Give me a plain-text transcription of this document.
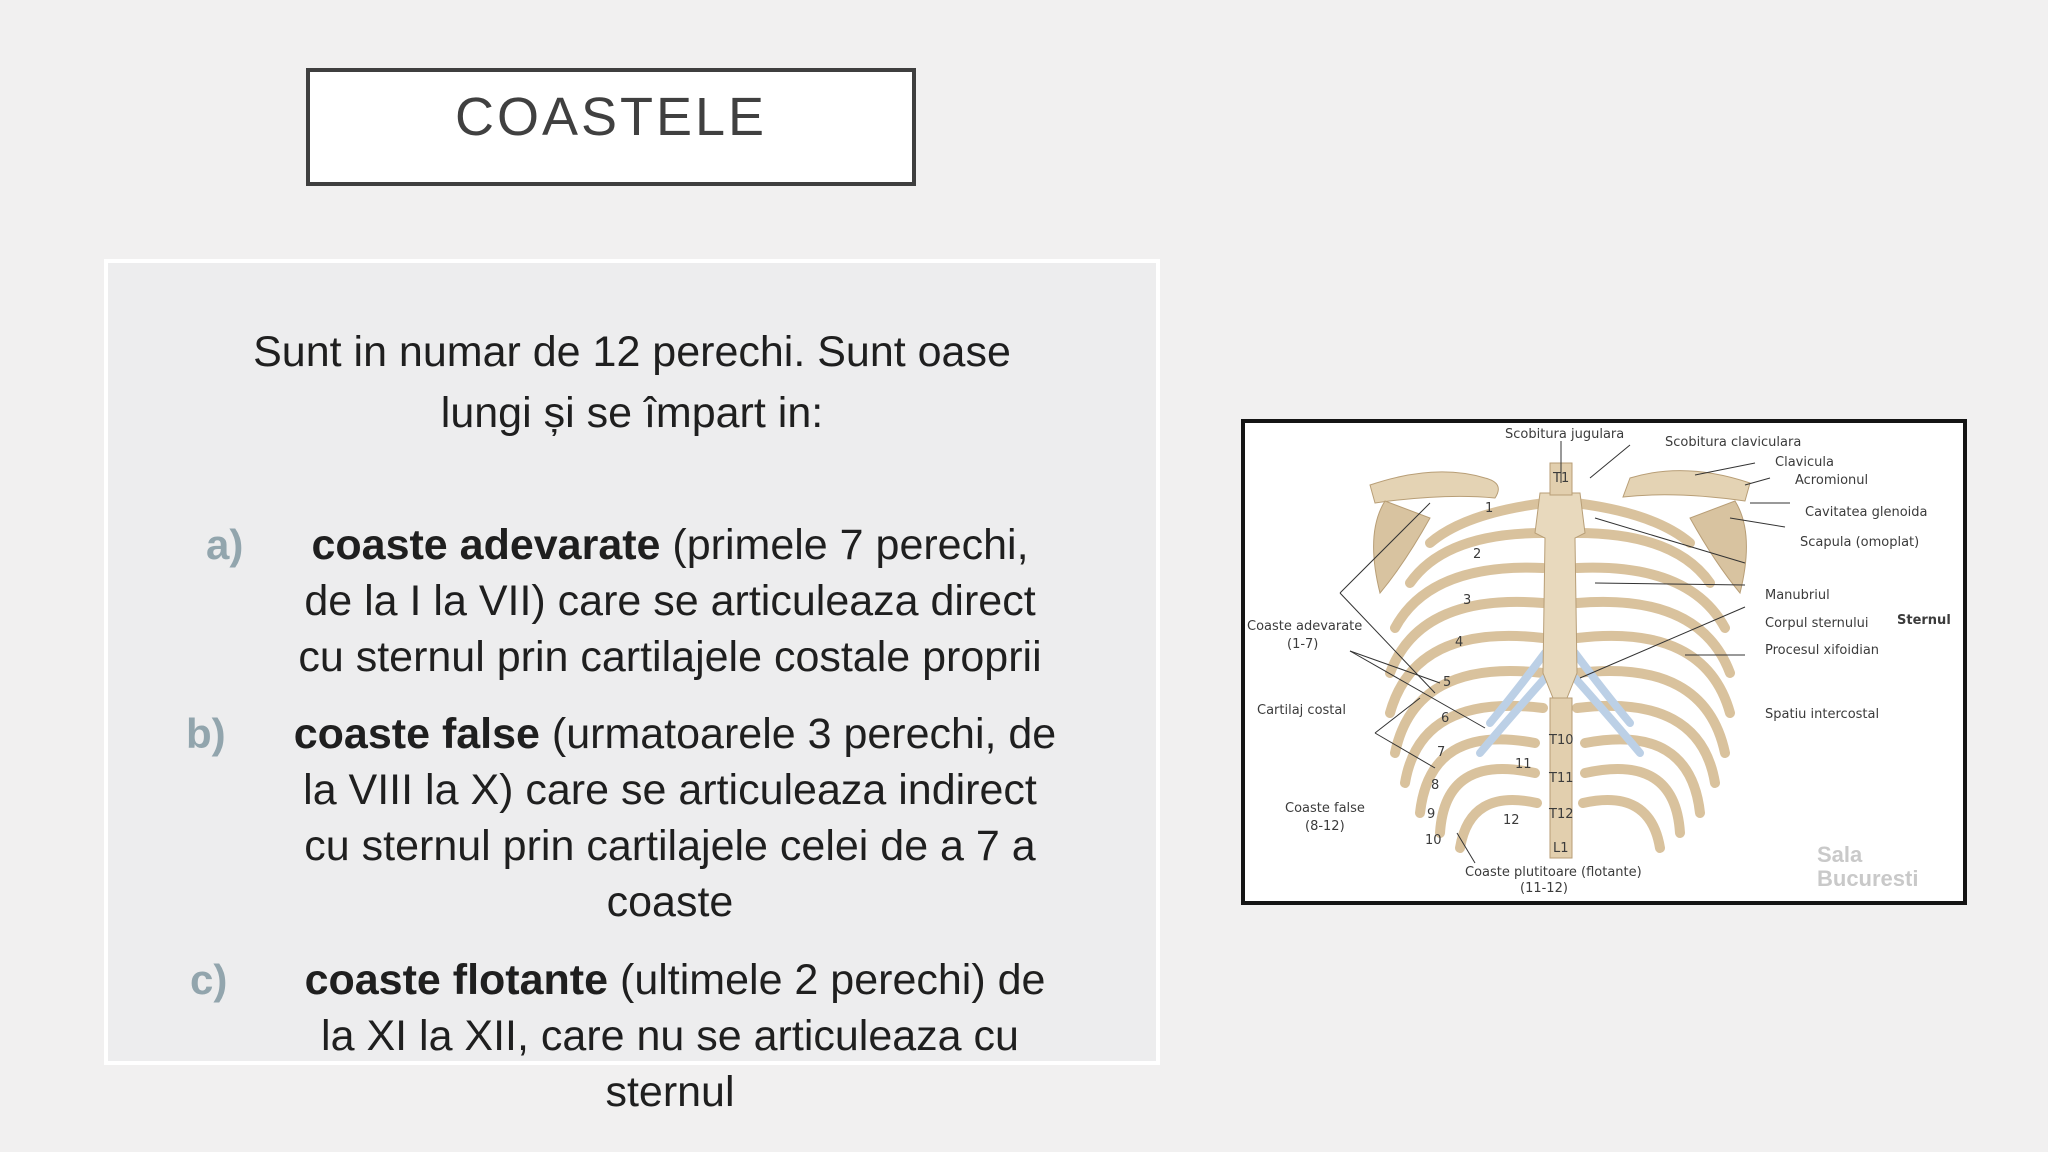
COASTELE
Sunt in numar de 12 perechi. Sunt oase
lungi și se împart in:
a)	coaste adevarate (primele 7 perechi,
de la I la VII) care se articuleaza direct
cu sternul prin cartilajele costale proprii
b)	coaste false (urmatoarele 3 perechi, de
la VIII la X) care se articuleaza indirect
cu sternul prin cartilajele celei de a 7 a
coaste
c)	coaste flotante (ultimele 2 perechi) de
la XI la XII, care nu se articuleaza cu
sternul
Scobitura jugulara
Scobitura claviculara
Clavicula
Acromionul
Cavitatea glenoida
Scapula (omoplat)
Manubriul
Corpul sternului Sternul
Procesul xifoidian
Spatiu intercostal
Coaste adevarate
(1-7)
Cartilaj costal
Coaste false
(8-12)
Coaste plutitoare (flotante)
(11-12)
T1
T10
T11
T12
L1
1
2
3
4
5
6
7
8
9
10
11
12
Sala
Bucuresti
